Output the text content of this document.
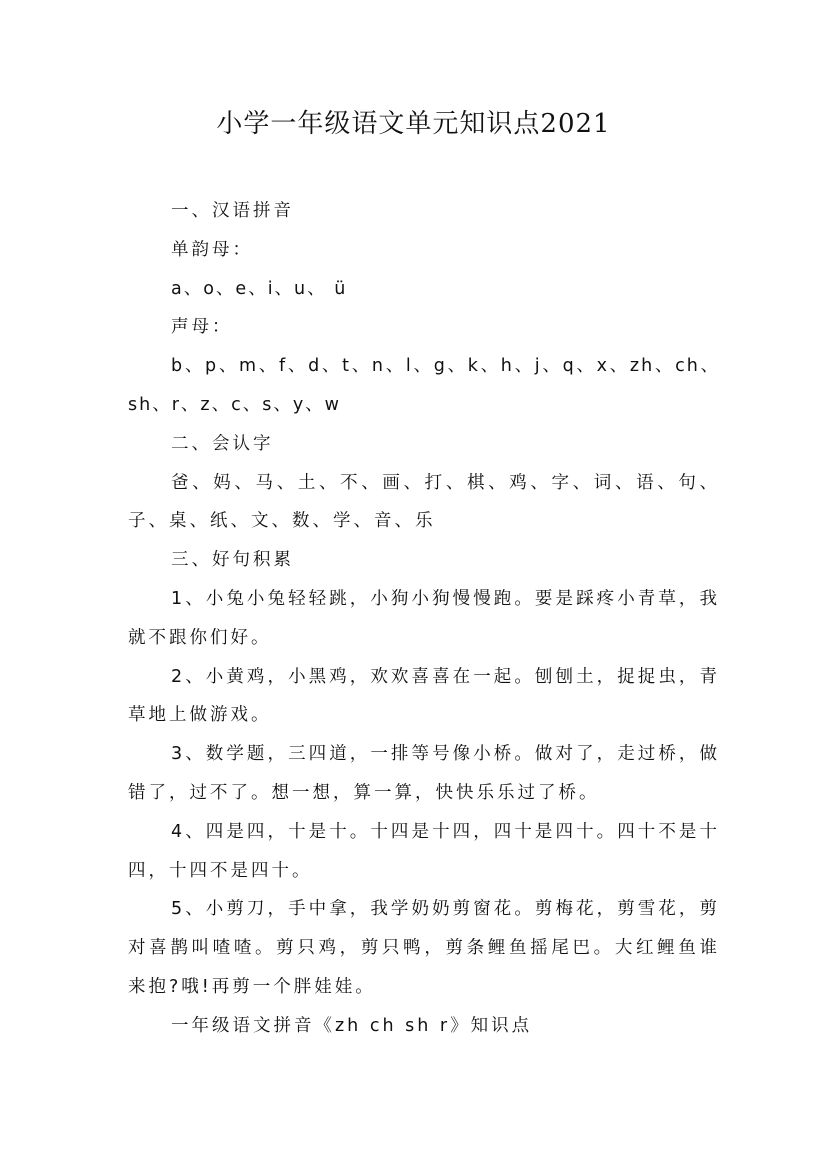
小学一年级语文单元知识点2021

一、汉语拼音

单韵母：

a、o、e、i、u、 ü

声母：

b、p、m、f、d、t、n、l、g、k、h、j、q、x、zh、ch、sh、r、z、c、s、y、w

二、会认字

爸、妈、马、土、不、画、打、棋、鸡、字、词、语、句、子、桌、纸、文、数、学、音、乐

三、好句积累

1、小兔小兔轻轻跳，小狗小狗慢慢跑。要是踩疼小青草，我就不跟你们好。

2、小黄鸡，小黑鸡，欢欢喜喜在一起。刨刨土，捉捉虫，青草地上做游戏。

3、数学题，三四道，一排等号像小桥。做对了，走过桥，做错了，过不了。想一想，算一算，快快乐乐过了桥。

4、四是四，十是十。十四是十四，四十是四十。四十不是十四，十四不是四十。

5、小剪刀，手中拿，我学奶奶剪窗花。剪梅花，剪雪花，剪对喜鹊叫喳喳。剪只鸡，剪只鸭，剪条鲤鱼摇尾巴。大红鲤鱼谁来抱?哦!再剪一个胖娃娃。

一年级语文拼音《zh ch sh r》知识点
